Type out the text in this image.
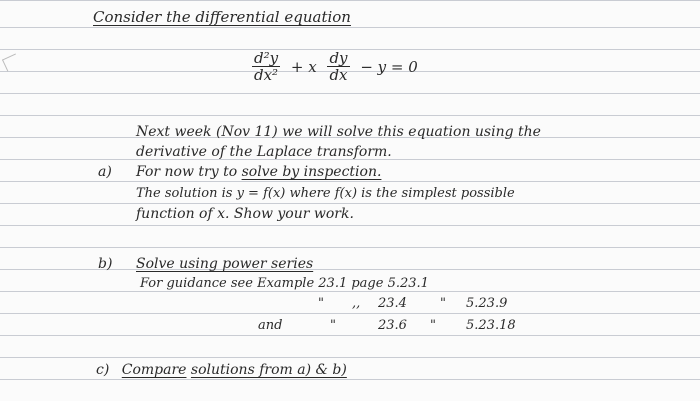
Consider the differential equation
$\frac{\text{d²y}}{\text{dx²}} + x \frac{dy}{dx} - y = 0$
Next week (Nov 11) we will solve this equation using the
derivative of the Laplace transform.
a) For now try to solve by inspection.
The solution is y = f(x) where f(x) is the simplest possible
function of x. Show your work.
b) Solve using power series
For guidance see Example 23.1 page 5.23.1
" ,, 23.4	" 5.23.9
and	"	23.6 " 5.23.18
c) Compare solutions from a) & b)
